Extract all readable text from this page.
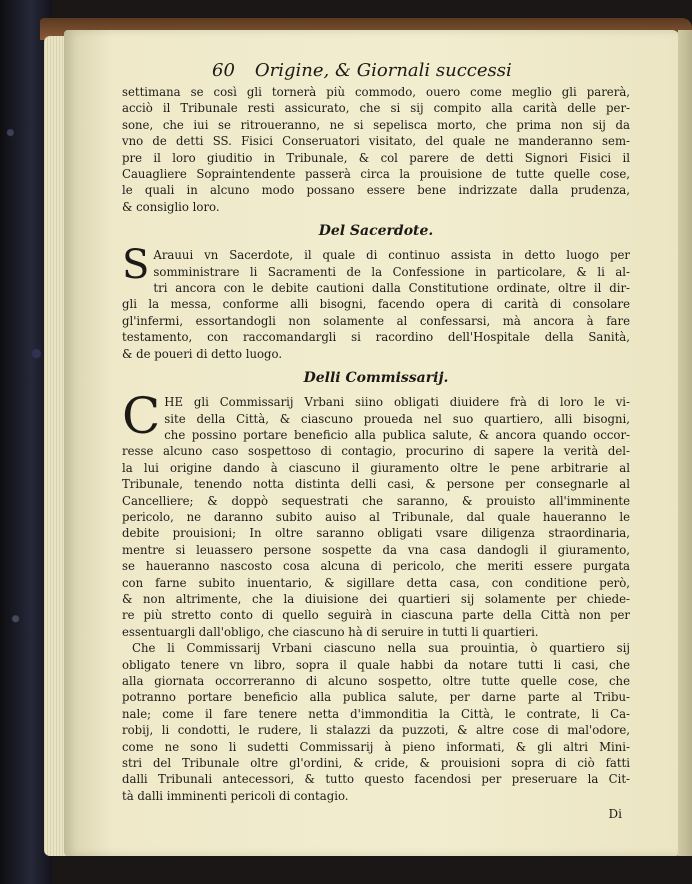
60 Origine, & Giornali successi
settimana se così gli tornerà più commodo, ouero come meglio gli parerà,
acciò il Tribunale resti assicurato, che si sij compito alla carità delle per-
sone, che iui se ritroueranno, ne si sepelisca morto, che prima non sij da
vno de detti SS. Fisici Conseruatori visitato, del quale ne manderanno sem-
pre il loro giuditio in Tribunale, & col parere de detti Signori Fisici il
Cauagliere Sopraintendente passerà circa la prouisione de tutte quelle cose,
le quali in alcuno modo possano essere bene indrizzate dalla prudenza,
& consiglio loro.
Del Sacerdote.
S Arauui vn Sacerdote, il quale di continuo assista in detto luogo per
somministrare li Sacramenti de la Confessione in particolare, & li al-
tri ancora con le debite cautioni dalla Constitutione ordinate, oltre il dir-
gli la messa, conforme alli bisogni, facendo opera di carità di consolare
gl'infermi, essortandogli non solamente al confessarsi, mà ancora à fare
testamento, con raccomandargli si racordino dell'Hospitale della Sanità,
& de poueri di detto luogo.
Delli Commissarij.
C HE gli Commissarij Vrbani siino obligati diuidere frà di loro le vi-
site della Città, & ciascuno proueda nel suo quartiero, alli bisogni,
che possino portare beneficio alla publica salute, & ancora quando occor-
resse alcuno caso sospettoso di contagio, procurino di sapere la verità del-
la lui origine dando à ciascuno il giuramento oltre le pene arbitrarie al
Tribunale, tenendo notta distinta delli casi, & persone per consegnarle al
Cancelliere; & doppò sequestrati che saranno, & prouisto all'imminente
pericolo, ne daranno subito auiso al Tribunale, dal quale haueranno le
debite prouisioni; In oltre saranno obligati vsare diligenza straordinaria,
mentre si leuassero persone sospette da vna casa dandogli il giuramento,
se haueranno nascosto cosa alcuna di pericolo, che meriti essere purgata
con farne subito inuentario, & sigillare detta casa, con conditione però,
& non altrimente, che la diuisione dei quartieri sij solamente per chiede-
re più stretto conto di quello seguirà in ciascuna parte della Città non per
essentuargli dall'obligo, che ciascuno hà di seruire in tutti li quartieri.
Che li Commissarij Vrbani ciascuno nella sua prouintia, ò quartiero sij
obligato tenere vn libro, sopra il quale habbi da notare tutti li casi, che
alla giornata occorreranno di alcuno sospetto, oltre tutte quelle cose, che
potranno portare beneficio alla publica salute, per darne parte al Tribu-
nale; come il fare tenere netta d'immonditia la Città, le contrate, li Ca-
robij, li condotti, le rudere, li stalazzi da puzzoti, & altre cose di mal'odore,
come ne sono li sudetti Commissarij à pieno informati, & gli altri Mini-
stri del Tribunale oltre gl'ordini, & cride, & prouisioni sopra di ciò fatti
dalli Tribunali antecessori, & tutto questo facendosi per preseruare la Cit-
tà dalli imminenti pericoli di contagio.
Di
